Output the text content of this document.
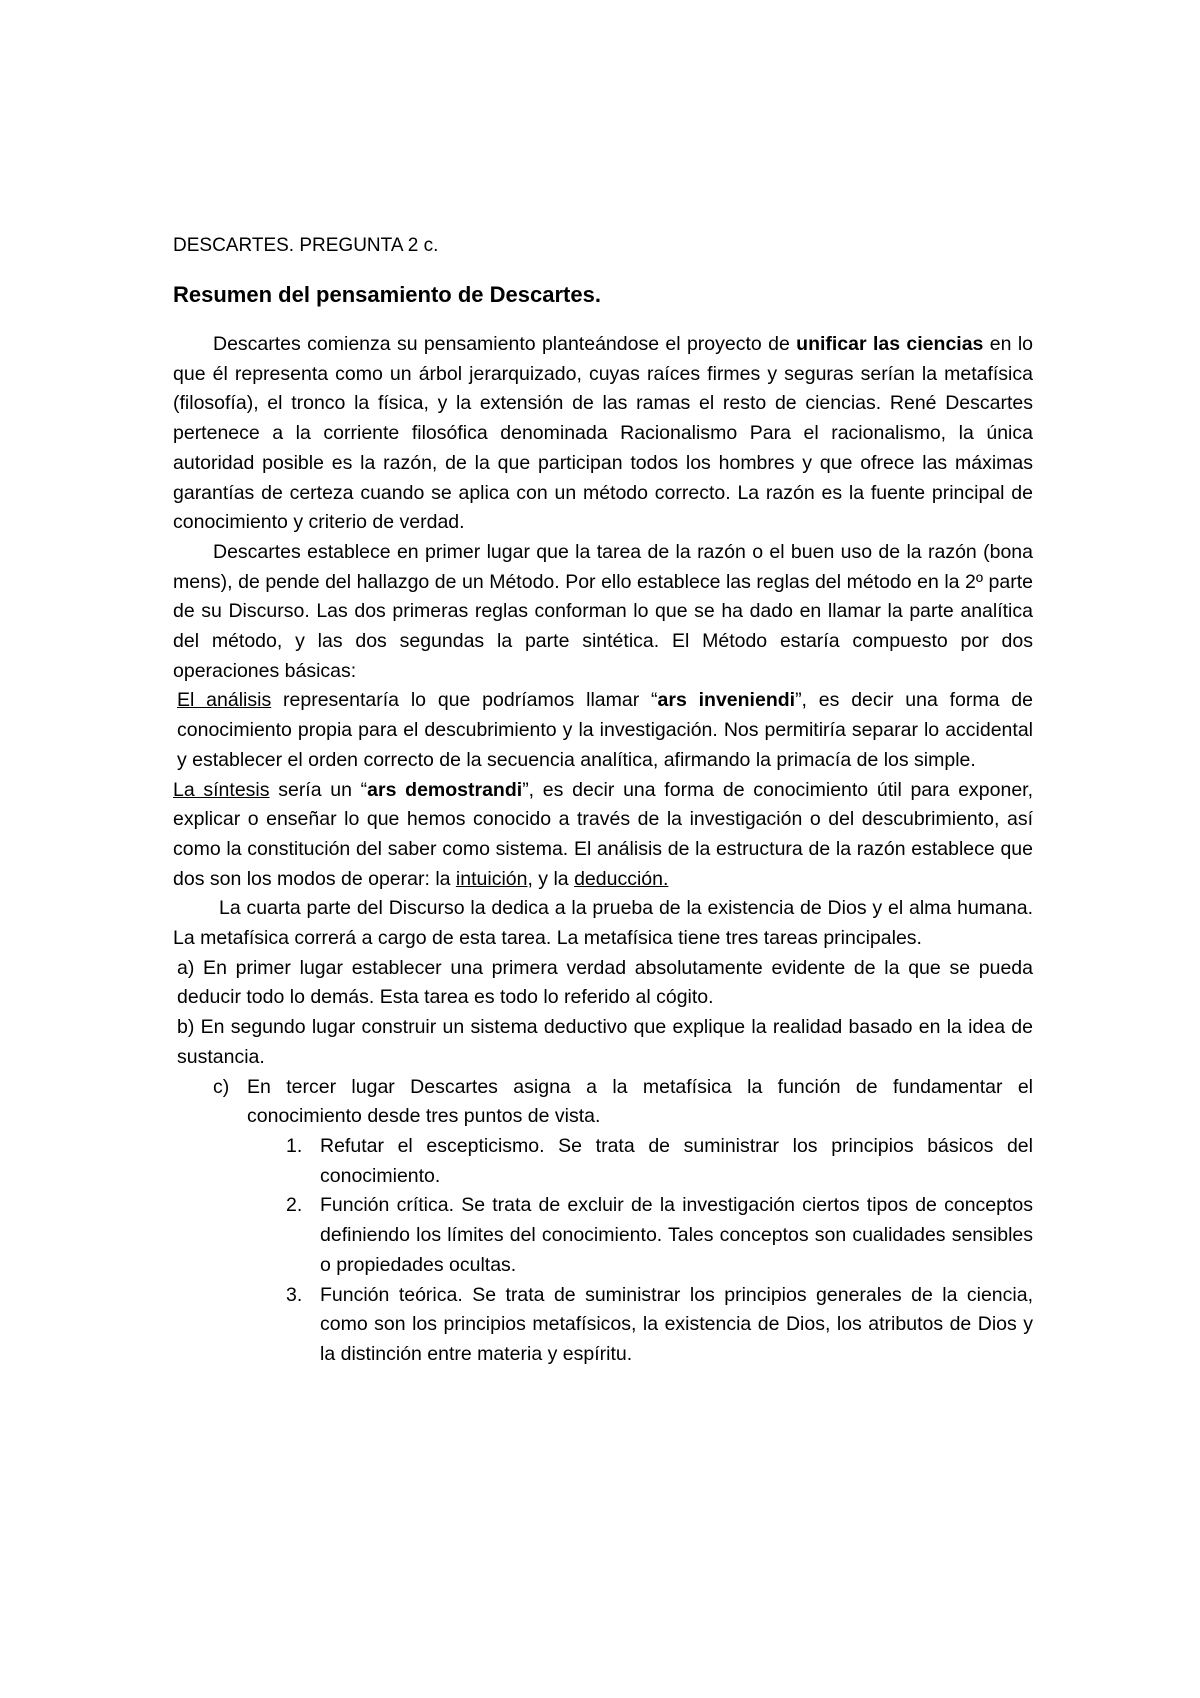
DESCARTES. PREGUNTA 2 c.

Resumen del pensamiento de Descartes.

Descartes comienza su pensamiento planteándose el proyecto de unificar las ciencias en lo que él representa como un árbol jerarquizado, cuyas raíces firmes y seguras serían la metafísica (filosofía), el tronco la física, y la extensión de las ramas el resto de ciencias. René Descartes pertenece a la corriente filosófica denominada Racionalismo Para el racionalismo, la única autoridad posible es la razón, de la que participan todos los hombres y que ofrece las máximas garantías de certeza cuando se aplica con un método correcto. La razón es la fuente principal de conocimiento y criterio de verdad.

Descartes establece en primer lugar que la tarea de la razón o el buen uso de la razón (bona mens), de pende del hallazgo de un Método. Por ello establece las reglas del método en la 2º parte de su Discurso. Las dos primeras reglas conforman lo que se ha dado en llamar la parte analítica del método, y las dos segundas la parte sintética. El Método estaría compuesto por dos operaciones básicas:

El análisis representaría lo que podríamos llamar “ars inveniendi”, es decir una forma de conocimiento propia para el descubrimiento y la investigación. Nos permitiría separar lo accidental y establecer el orden correcto de la secuencia analítica, afirmando la primacía de los simple.

La síntesis sería un “ars demostrandi”, es decir una forma de conocimiento útil para exponer, explicar o enseñar lo que hemos conocido a través de la investigación o del descubrimiento, así como la constitución del saber como sistema. El análisis de la estructura de la razón establece que dos son los modos de operar: la intuición, y la deducción.

La cuarta parte del Discurso la dedica a la prueba de la existencia de Dios y el alma humana. La metafísica correrá a cargo de esta tarea. La metafísica tiene tres tareas principales.

a) En primer lugar establecer una primera verdad absolutamente evidente de la que se pueda deducir todo lo demás. Esta tarea es todo lo referido al cógito.

b) En segundo lugar construir un sistema deductivo que explique la realidad basado en la idea de sustancia.

c) En tercer lugar Descartes asigna a la metafísica la función de fundamentar el conocimiento desde tres puntos de vista.
1. Refutar el escepticismo. Se trata de suministrar los principios básicos del conocimiento.
2. Función crítica. Se trata de excluir de la investigación ciertos tipos de conceptos definiendo los límites del conocimiento. Tales conceptos son cualidades sensibles o propiedades ocultas.
3. Función teórica. Se trata de suministrar los principios generales de la ciencia, como son los principios metafísicos, la existencia de Dios, los atributos de Dios y la distinción entre materia y espíritu.
